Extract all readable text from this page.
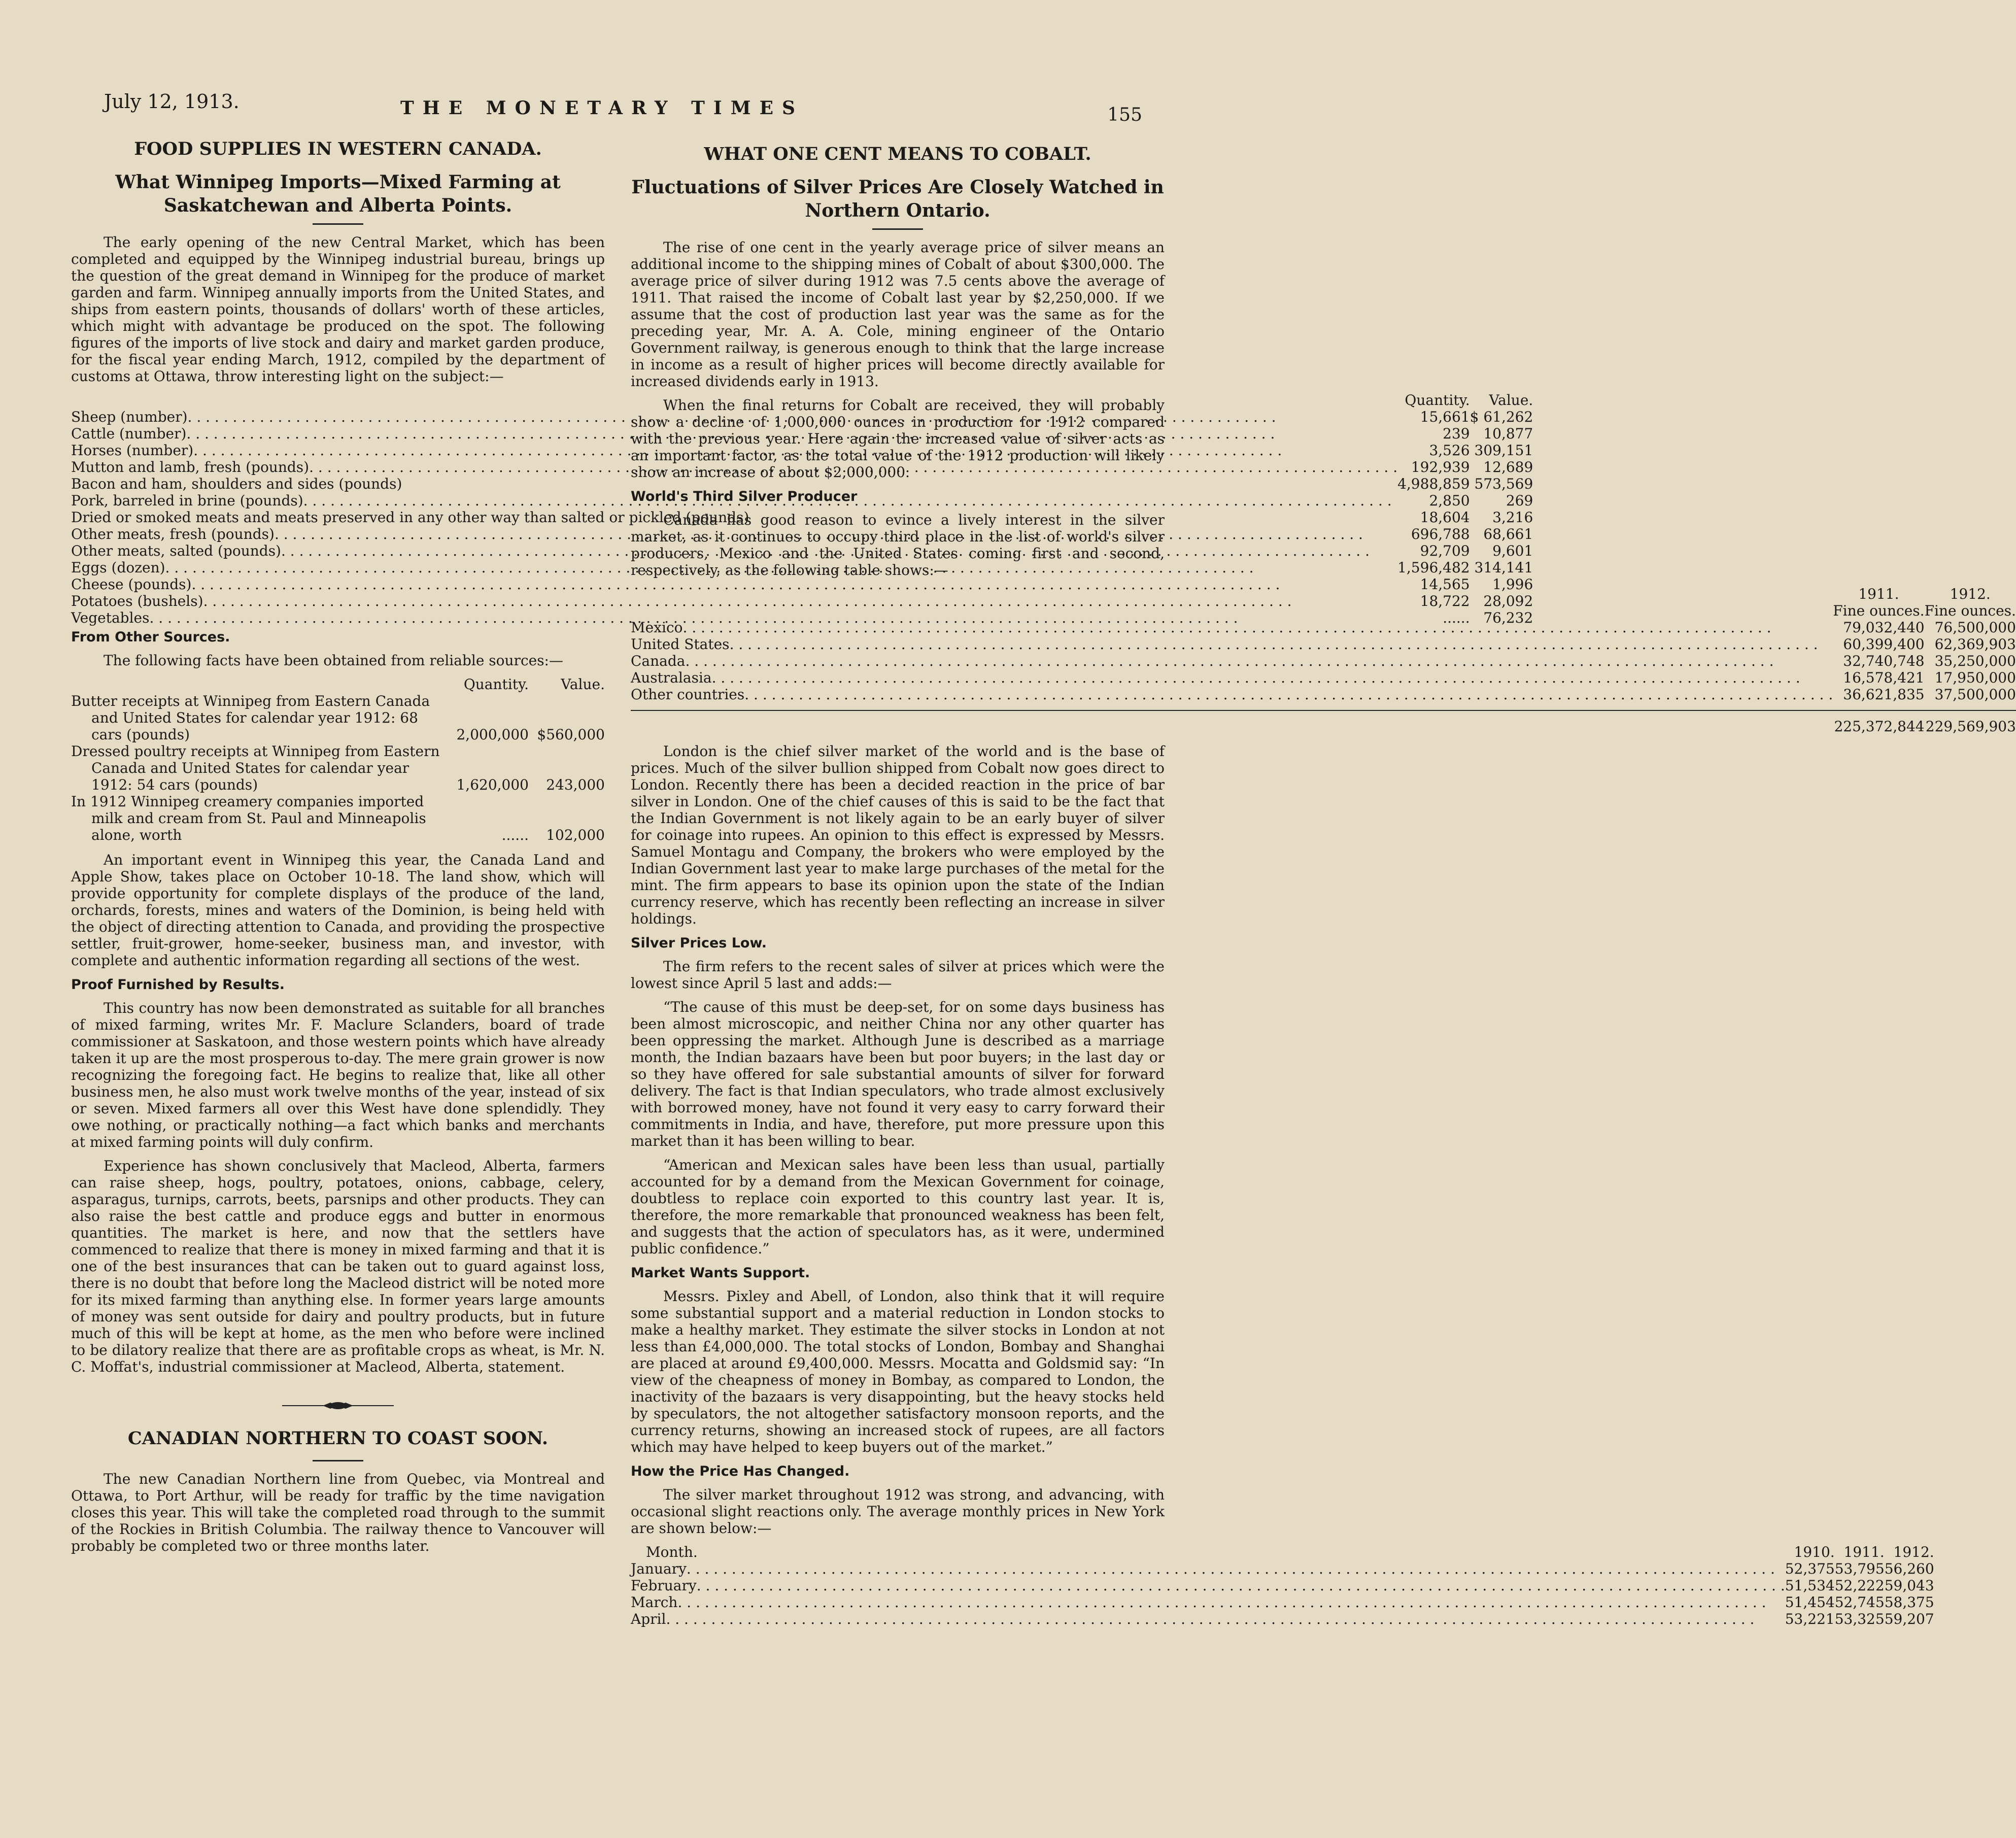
July 12, 1913.	THE MONETARY TIMES	155
FOOD SUPPLIES IN WESTERN CANADA.
What Winnipeg Imports—Mixed Farming at Saskatchewan and Alberta Points.

The early opening of the new Central Market, which has been completed and equipped by the Winnipeg industrial bureau, brings up the question of the great demand in Winnipeg for the produce of market garden and farm. Winnipeg annually imports from the United States, and ships from eastern points, thousands of dollars' worth of these articles, which might with advantage be produced on the spot. The following figures of the imports of live stock and dairy and market garden produce, for the fiscal year ending March, 1912, compiled by the department of customs at Ottawa, throw interesting light on the subject:—

	Quantity.	Value.

Sheep (number)
. . .	15,661	$ 61,262

Cattle (number)
. . .	239	10,877

Horses (number)
. . .	3,526	309,151

Mutton and lamb, fresh (pounds)
. . .	192,939	12,689

Bacon and ham, shoulders and sides (pounds)	4,988,859	573,569

Pork, barreled in brine (pounds)
. . .	2,850	269

Dried or smoked meats and meats preserved in any other way than salted or pickled (pounds)	18,604	3,216

Other meats, fresh (pounds)
. . .	696,788	68,661

Other meats, salted (pounds)
. . .	92,709	9,601

Eggs (dozen)
. . .	1,596,482	314,141

Cheese (pounds)
. . .	14,565	1,996

Potatoes (bushels)
. . .	18,722	28,092

Vegetables
. . .	......	76,232
From Other Sources.

The following facts have been obtained from reliable sources:—

	Quantity.	Value.

Butter receipts at Winnipeg from Eastern Canada and United States for calendar year 1912: 68 cars (pounds)	2,000,000	$560,000

Dressed poultry receipts at Winnipeg from Eastern Canada and United States for calendar year 1912: 54 cars (pounds)	1,620,000	243,000

In 1912 Winnipeg creamery companies imported milk and cream from St. Paul and Minneapolis alone, worth	......	102,000

An important event in Winnipeg this year, the Canada Land and Apple Show, takes place on October 10-18. The land show, which will provide opportunity for complete displays of the produce of the land, orchards, forests, mines and waters of the Dominion, is being held with the object of directing attention to Canada, and providing the prospective settler, fruit-grower, home-seeker, business man, and investor, with complete and authentic information regarding all sections of the west.

Proof Furnished by Results.

This country has now been demonstrated as suitable for all branches of mixed farming, writes Mr. F. Maclure Sclanders, board of trade commissioner at Saskatoon, and those western points which have already taken it up are the most prosperous to-day. The mere grain grower is now recognizing the foregoing fact. He begins to realize that, like all other business men, he also must work twelve months of the year, instead of six or seven. Mixed farmers all over this West have done splendidly. They owe nothing, or practically nothing—a fact which banks and merchants at mixed farming points will duly confirm.

Experience has shown conclusively that Macleod, Alberta, farmers can raise sheep, hogs, poultry, potatoes, onions, cabbage, celery, asparagus, turnips, carrots, beets, parsnips and other products. They can also raise the best cattle and produce eggs and butter in enormous quantities. The market is here, and now that the settlers have commenced to realize that there is money in mixed farming and that it is one of the best insurances that can be taken out to guard against loss, there is no doubt that before long the Macleod district will be noted more for its mixed farming than anything else. In former years large amounts of money was sent outside for dairy and poultry products, but in future much of this will be kept at home, as the men who before were inclined to be dilatory realize that there are as profitable crops as wheat, is Mr. N. C. Moffat's, industrial commissioner at Macleod, Alberta, statement.

CANADIAN NORTHERN TO COAST SOON.

The new Canadian Northern line from Quebec, via Montreal and Ottawa, to Port Arthur, will be ready for traffic by the time navigation closes this year. This will take the completed road through to the summit of the Rockies in British Columbia. The railway thence to Vancouver will probably be completed two or three months later.

WHAT ONE CENT MEANS TO COBALT.
Fluctuations of Silver Prices Are Closely Watched in Northern Ontario.

The rise of one cent in the yearly average price of silver means an additional income to the shipping mines of Cobalt of about $300,000. The average price of silver during 1912 was 7.5 cents above the average of 1911. That raised the income of Cobalt last year by $2,250,000. If we assume that the cost of production last year was the same as for the preceding year, Mr. A. A. Cole, mining engineer of the Ontario Government railway, is generous enough to think that the large increase in income as a result of higher prices will become directly available for increased dividends early in 1913.

When the final returns for Cobalt are received, they will probably show a decline of 1,000,000 ounces in production for 1912 compared with the previous year. Here again the increased value of silver acts as an important factor, as the total value of the 1912 production will likely show an increase of about $2,000,000.

World's Third Silver Producer

Canada has good reason to evince a lively interest in the silver market, as it continues to occupy third place in the list of world's silver producers, Mexico and the United States coming first and second, respectively, as the following table shows:—

	1911.	1912.
	Fine ounces.	Fine ounces.

Mexico
. . .	79,032,440	76,500,000

United States
. . .	60,399,400	62,369,903

Canada
. . .	32,740,748	35,250,000

Australasia
. . .	16,578,421	17,950,000

Other countries
. . .	36,621,835	37,500,000

	225,372,844	229,569,903

London is the chief silver market of the world and is the base of prices. Much of the silver bullion shipped from Cobalt now goes direct to London. Recently there has been a decided reaction in the price of bar silver in London. One of the chief causes of this is said to be the fact that the Indian Government is not likely again to be an early buyer of silver for coinage into rupees. An opinion to this effect is expressed by Messrs. Samuel Montagu and Company, the brokers who were employed by the Indian Government last year to make large purchases of the metal for the mint. The firm appears to base its opinion upon the state of the Indian currency reserve, which has recently been reflecting an increase in silver holdings.

Silver Prices Low.

The firm refers to the recent sales of silver at prices which were the lowest since April 5 last and adds:—

“The cause of this must be deep-set, for on some days business has been almost microscopic, and neither China nor any other quarter has been oppressing the market. Although June is described as a marriage month, the Indian bazaars have been but poor buyers; in the last day or so they have offered for sale substantial amounts of silver for forward delivery. The fact is that Indian speculators, who trade almost exclusively with borrowed money, have not found it very easy to carry forward their commitments in India, and have, therefore, put more pressure upon this market than it has been willing to bear.

“American and Mexican sales have been less than usual, partially accounted for by a demand from the Mexican Government for coinage, doubtless to replace coin exported to this country last year. It is, therefore, the more remarkable that pronounced weakness has been felt, and suggests that the action of speculators has, as it were, undermined public confidence.”

Market Wants Support.

Messrs. Pixley and Abell, of London, also think that it will require some substantial support and a material reduction in London stocks to make a healthy market. They estimate the silver stocks in London at not less than £4,000,000. The total stocks of London, Bombay and Shanghai are placed at around £9,400,000. Messrs. Mocatta and Goldsmid say: “In view of the cheapness of money in Bombay, as compared to London, the inactivity of the bazaars is very disappointing, but the heavy stocks held by speculators, the not altogether satisfactory monsoon reports, and the currency returns, showing an increased stock of rupees, are all factors which may have helped to keep buyers out of the market.”

How the Price Has Changed.

The silver market throughout 1912 was strong, and advancing, with occasional slight reactions only. The average monthly prices in New York are shown below:—

Month.	1910.	1911.	1912.

January
. . .	52,375	53,795	56,260

February
. . .	51,534	52,222	59,043

March
. . .	51,454	52,745	58,375

April
. . .	53,221	53,325	59,207
